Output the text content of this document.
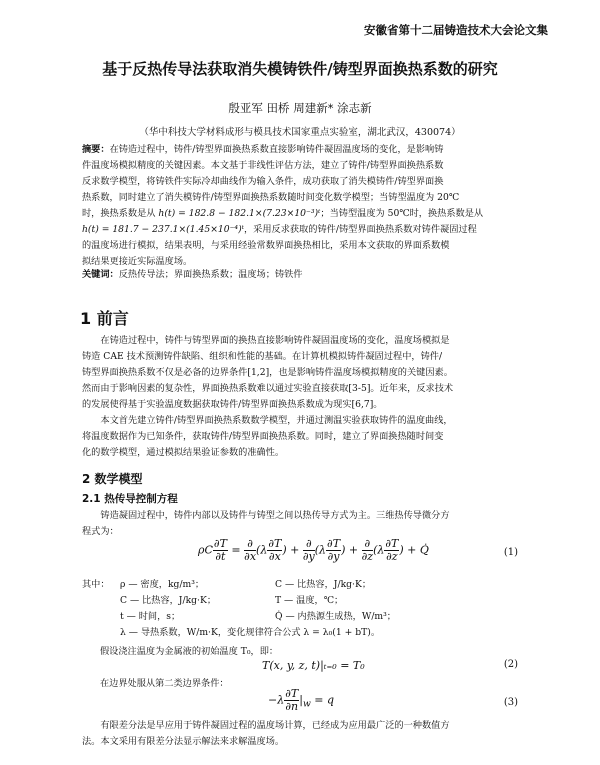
安徽省第十二届铸造技术大会论文集
基于反热传导法获取消失模铸铁件/铸型界面换热系数的研究
殷亚军 田桥 周建新* 涂志新
（华中科技大学材料成形与模具技术国家重点实验室，湖北武汉，430074）

摘要：在铸造过程中，铸件/铸型界面换热系数直接影响铸件凝固温度场的变化，是影响铸

件温度场模拟精度的关键因素。本文基于非线性评估方法，建立了铸件/铸型界面换热系数

反求数学模型，将铸铁件实际冷却曲线作为输入条件，成功获取了消失模铸件/铸型界面换

热系数，同时建立了消失模铸件/铸型界面换热系数随时间变化数学模型；当铸型温度为 20℃

时，换热系数是从 h(t) = 182.8 − 182.1×(7.23×10⁻³)ᵗ；当铸型温度为 50℃时，换热系数是从

h(t) = 181.7 − 237.1×(1.45×10⁻⁴)ᵗ，采用反求获取的铸件/铸型界面换热系数对铸件凝固过程

的温度场进行模拟，结果表明，与采用经验常数界面换热相比，采用本文获取的界面系数模

拟结果更接近实际温度场。

关键词：反热传导法；界面换热系数；温度场；铸铁件
1 前言

在铸造过程中，铸件与铸型界面的换热直接影响铸件凝固温度场的变化，温度场模拟是

铸造 CAE 技术预测铸件缺陷、组织和性能的基础。在计算机模拟铸件凝固过程中，铸件/

铸型界面换热系数不仅是必备的边界条件[1,2]，也是影响铸件温度场模拟精度的关键因素。

然而由于影响因素的复杂性，界面换热系数难以通过实验直接获取[3-5]。近年来，反求技术

的发展使得基于实验温度数据获取铸件/铸型界面换热系数成为现实[6,7]。

本文首先建立铸件/铸型界面换热系数数学模型，并通过测温实验获取铸件的温度曲线，

将温度数据作为已知条件，获取铸件/铸型界面换热系数。同时，建立了界面换热随时间变

化的数学模型，通过模拟结果验证参数的准确性。

2 数学模型
2.1 热传导控制方程

铸造凝固过程中，铸件内部以及铸件与铸型之间以热传导方式为主。三维热传导微分方

程式为：

ρC $\frac{\partial T}{\partial t} = \frac{\partial}{\partial x} (\lambda \frac{\partial T}{\partial x}$ ) + $\frac{\partial}{\partial y} (\lambda \frac{\partial T}{\partial y}$ ) + $\frac{\partial}{\partial z} (\lambda \frac{\partial T}{\partial z}$ ) + Q̇	(1)
其中： ρ — 密度，kg/m³；	C — 比热容，J/kg·K；
C — 比热容，J/kg·K；	T — 温度，℃；
t — 时间，s；	Q̇ — 内热源生成热，W/m³；
λ — 导热系数，W/m·K，变化规律符合公式 λ = λ₀(1 + bT)。
假设浇注温度为金属液的初始温度 T₀，即：
T(x, y, z, t)|ₜ₌₀ = T₀	(2)
在边界处服从第二类边界条件：
$-\lambda \frac{\partial T}{\partial n} |_w = q$	(3)

有限差分法是早应用于铸件凝固过程的温度场计算，已经成为应用最广泛的一种数值方

法。本文采用有限差分法显示解法来求解温度场。
